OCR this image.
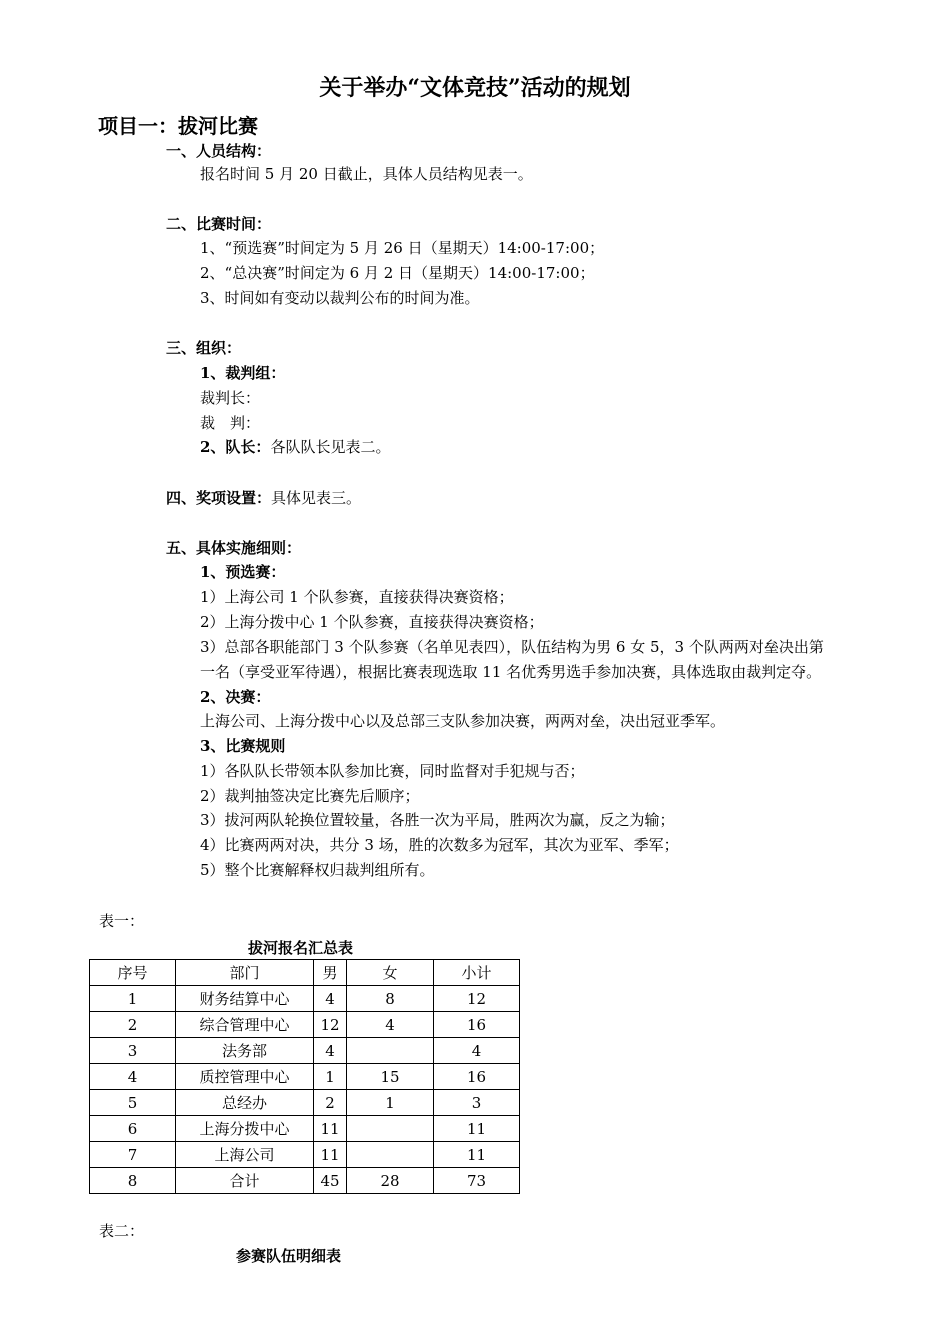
关于举办“文体竞技”活动的规划
项目一：拔河比赛
一、人员结构：
报名时间 5 月 20 日截止，具体人员结构见表一。
二、比赛时间：
1、“预选赛”时间定为 5 月 26 日（星期天）14:00-17:00；
2、“总决赛”时间定为 6 月 2 日（星期天）14:00-17:00；
3、时间如有变动以裁判公布的时间为准。
三、组织：
1、裁判组：
裁判长：
裁　判：
2、队长：各队队长见表二。
四、奖项设置：具体见表三。
五、具体实施细则：
1、预选赛：
1）上海公司 1 个队参赛，直接获得决赛资格；
2）上海分拨中心 1 个队参赛，直接获得决赛资格；
3）总部各职能部门 3 个队参赛（名单见表四），队伍结构为男 6 女 5，3 个队两两对垒决出第
一名（享受亚军待遇），根据比赛表现选取 11 名优秀男选手参加决赛，具体选取由裁判定夺。
2、决赛：
上海公司、上海分拨中心以及总部三支队参加决赛，两两对垒，决出冠亚季军。
3、比赛规则
1）各队队长带领本队参加比赛，同时监督对手犯规与否；
2）裁判抽签决定比赛先后顺序；
3）拔河两队轮换位置较量，各胜一次为平局，胜两次为赢，反之为输；
4）比赛两两对决，共分 3 场，胜的次数多为冠军，其次为亚军、季军；
5）整个比赛解释权归裁判组所有。
表一：
拔河报名汇总表
序号	部门	男	女	小计
1	财务结算中心	4	8	12
2	综合管理中心	12	4	16
3	法务部	4		4
4	质控管理中心	1	15	16
5	总经办	2	1	3
6	上海分拨中心	11		11
7	上海公司	11		11
8	合计	45	28	73
表二：
参赛队伍明细表
